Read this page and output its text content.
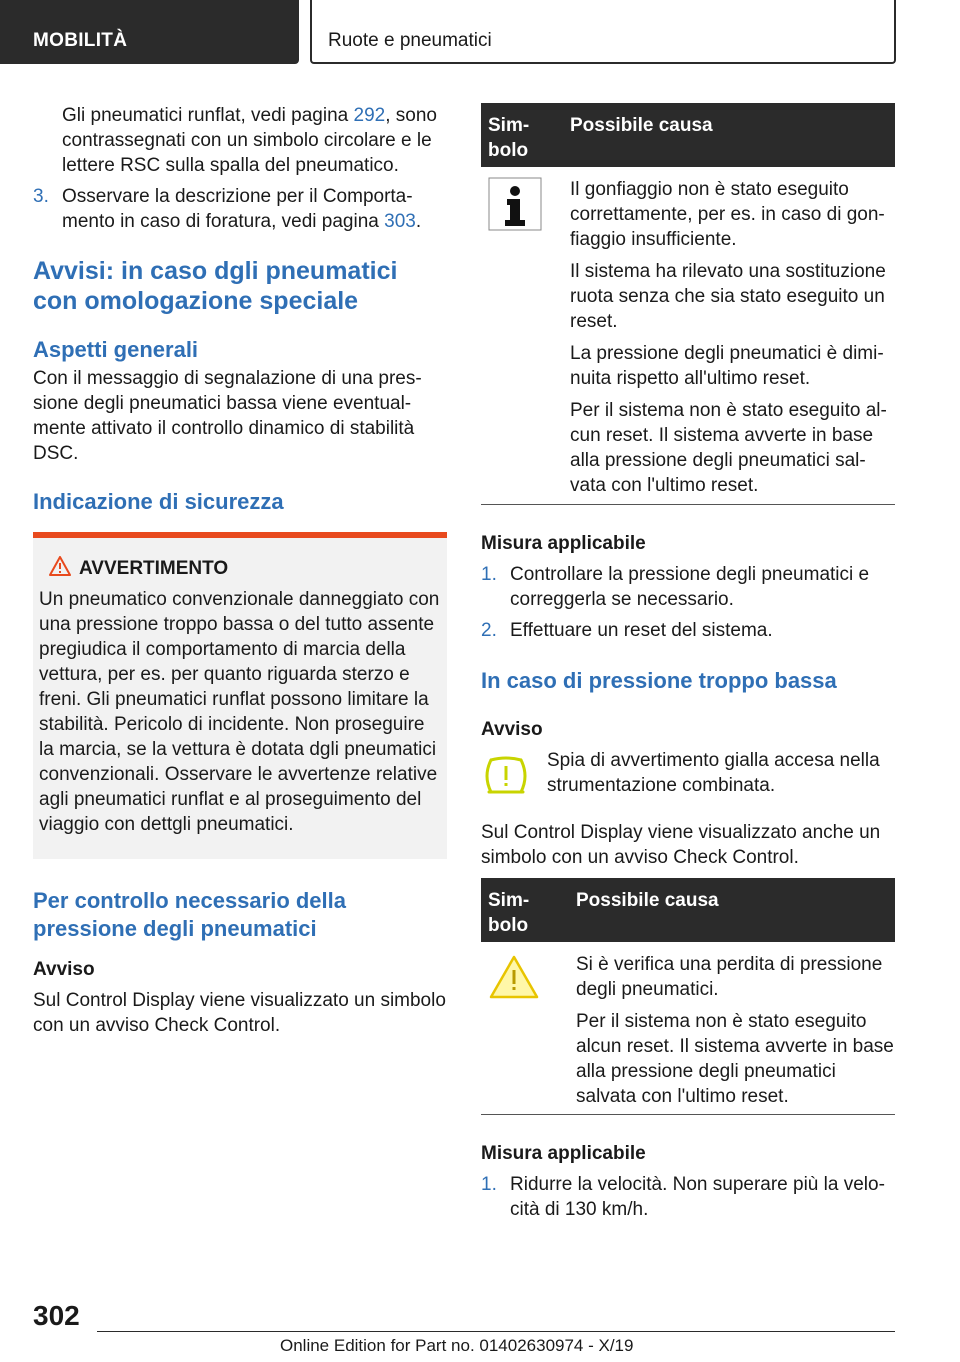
MOBILITÀ	Ruote e pneumatici

Gli pneumatici runflat, vedi pagina 292, sono contrassegnati con un simbolo circolare e le lettere RSC sulla spalla del pneumatico.

3. Osservare la descrizione per il Comporta-mento in caso di foratura, vedi pagina 303.
Avvisi: in caso dgli pneumatici con omologazione speciale
Aspetti generali

Con il messaggio di segnalazione di una pres-sione degli pneumatici bassa viene eventual-mente attivato il controllo dinamico di stabilità DSC.

Indicazione di sicurezza
AVVERTIMENTO

Un pneumatico convenzionale danneggiato con una pressione troppo bassa o del tutto assente pregiudica il comportamento di marcia della vettura, per es. per quanto riguarda sterzo e freni. Gli pneumatici runflat possono limitare la stabilità. Pericolo di incidente. Non proseguire la marcia, se la vettura è dotata dgli pneumatici convenzionali. Osservare le avvertenze relative agli pneumatici runflat e al proseguimento del viaggio con dettgli pneumatici.

Per controllo necessario della pressione degli pneumatici

Avviso

Sul Control Display viene visualizzato un simbolo con un avviso Check Control.

Sim-bolo
Possibile causa

Il gonfiaggio non è stato eseguito correttamente, per es. in caso di gon-fiaggio insufficiente.

Il sistema ha rilevato una sostituzione ruota senza che sia stato eseguito un reset.

La pressione degli pneumatici è dimi-nuita rispetto all'ultimo reset.

Per il sistema non è stato eseguito al-cun reset. Il sistema avverte in base alla pressione degli pneumatici sal-vata con l'ultimo reset.

Misura applicabile

1. Controllare la pressione degli pneumatici e correggerla se necessario.
2. Effettuare un reset del sistema.
In caso di pressione troppo bassa

Avviso

Spia di avvertimento gialla accesa nella strumentazione combinata.

Sul Control Display viene visualizzato anche un simbolo con un avviso Check Control.

Sim-bolo
Possibile causa

Si è verifica una perdita di pressione degli pneumatici.

Per il sistema non è stato eseguito alcun reset. Il sistema avverte in base alla pressione degli pneumatici salvata con l'ultimo reset.

Misura applicabile

1. Ridurre la velocità. Non superare più la velo-cità di 130 km/h.
302
Online Edition for Part no. 01402630974 - X/19
